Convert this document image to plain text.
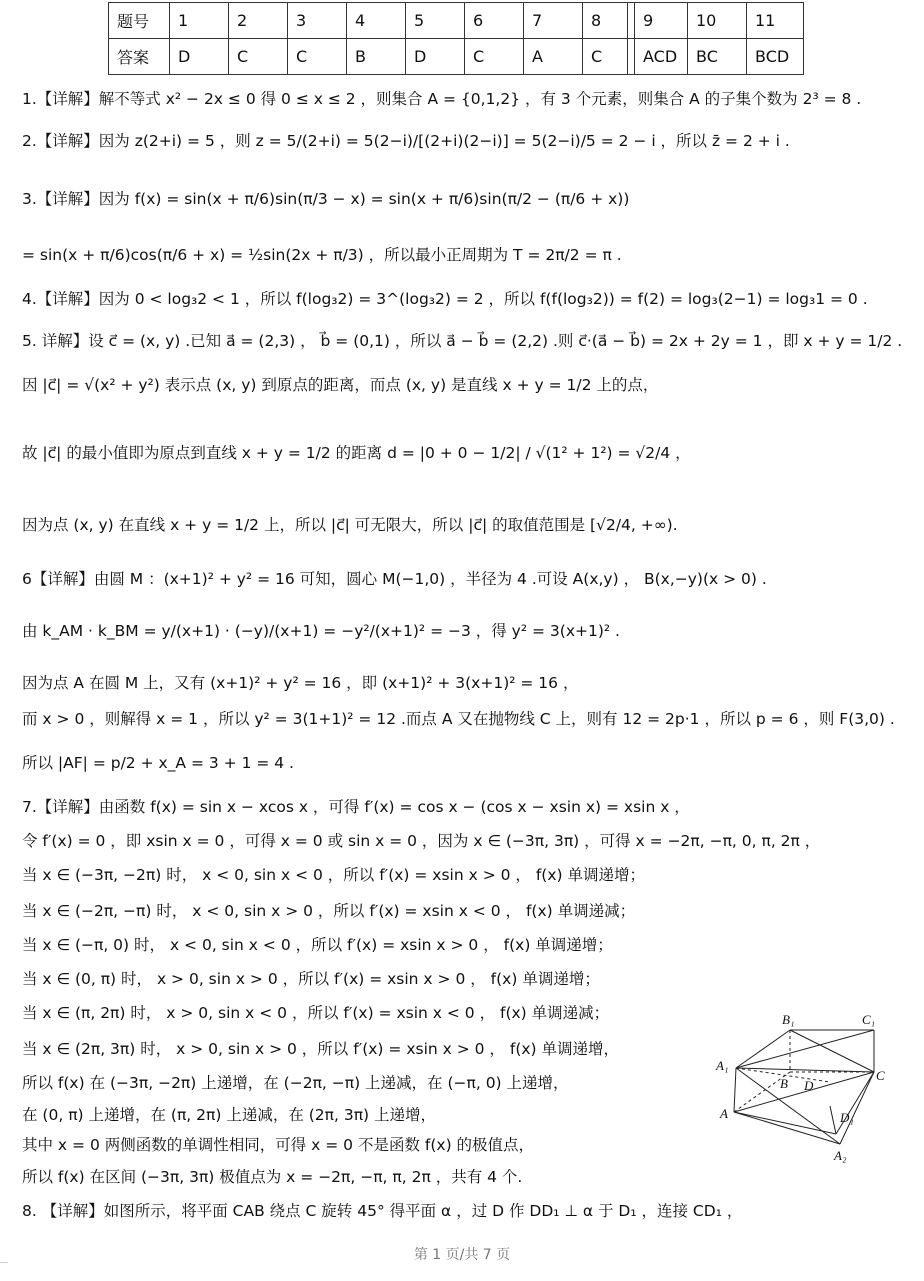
题号	1	2	3	4	5	6	7	8		9	10	11
答案	D	C	C	B	D	C	A	C		ACD	BC	BCD
1.【详解】解不等式 x² − 2x ≤ 0 得 0 ≤ x ≤ 2 ，则集合 A = {0,1,2} ，有 3 个元素，则集合 A 的子集个数为 2³ = 8 .
2.【详解】因为 z(2+i) = 5 ，则 z = 5/(2+i) = 5(2−i)/[(2+i)(2−i)] = 5(2−i)/5 = 2 − i ，所以 z̄ = 2 + i .
3.【详解】因为 f(x) = sin(x + π/6)sin(π/3 − x) = sin(x + π/6)sin(π/2 − (π/6 + x))
= sin(x + π/6)cos(π/6 + x) = ½sin(2x + π/3) ，所以最小正周期为 T = 2π/2 = π .
4.【详解】因为 0 < log₃2 < 1 ，所以 f(log₃2) = 3^(log₃2) = 2 ，所以 f(f(log₃2)) = f(2) = log₃(2−1) = log₃1 = 0 .
5. 详解】设 c⃗ = (x, y) .已知 a⃗ = (2,3) ， b⃗ = (0,1) ，所以 a⃗ − b⃗ = (2,2) .则 c⃗·(a⃗ − b⃗) = 2x + 2y = 1 ，即 x + y = 1/2 .
因 |c⃗| = √(x² + y²) 表示点 (x, y) 到原点的距离，而点 (x, y) 是直线 x + y = 1/2 上的点，
故 |c⃗| 的最小值即为原点到直线 x + y = 1/2 的距离 d = |0 + 0 − 1/2| / √(1² + 1²) = √2/4 ，
因为点 (x, y) 在直线 x + y = 1/2 上，所以 |c⃗| 可无限大，所以 |c⃗| 的取值范围是 [√2/4, +∞).
6【详解】由圆 M ：(x+1)² + y² = 16 可知，圆心 M(−1,0) ，半径为 4 .可设 A(x,y) ， B(x,−y)(x > 0) .
由 k_AM · k_BM = y/(x+1) · (−y)/(x+1) = −y²/(x+1)² = −3 ，得 y² = 3(x+1)² .
因为点 A 在圆 M 上，又有 (x+1)² + y² = 16 ，即 (x+1)² + 3(x+1)² = 16 ，
而 x > 0 ，则解得 x = 1 ，所以 y² = 3(1+1)² = 12 .而点 A 又在抛物线 C 上，则有 12 = 2p·1 ，所以 p = 6 ，则 F(3,0) .
所以 |AF| = p/2 + x_A = 3 + 1 = 4 .
7.【详解】由函数 f(x) = sin x − xcos x ，可得 f′(x) = cos x − (cos x − xsin x) = xsin x ，
令 f′(x) = 0 ，即 xsin x = 0 ，可得 x = 0 或 sin x = 0 ，因为 x ∈ (−3π, 3π) ，可得 x = −2π, −π, 0, π, 2π ，
当 x ∈ (−3π, −2π) 时， x < 0, sin x < 0 ，所以 f′(x) = xsin x > 0 ， f(x) 单调递增；
当 x ∈ (−2π, −π) 时， x < 0, sin x > 0 ，所以 f′(x) = xsin x < 0 ， f(x) 单调递减；
当 x ∈ (−π, 0) 时， x < 0, sin x < 0 ，所以 f′(x) = xsin x > 0 ， f(x) 单调递增；
当 x ∈ (0, π) 时， x > 0, sin x > 0 ，所以 f′(x) = xsin x > 0 ， f(x) 单调递增；
当 x ∈ (π, 2π) 时， x > 0, sin x < 0 ，所以 f′(x) = xsin x < 0 ， f(x) 单调递减；
当 x ∈ (2π, 3π) 时， x > 0, sin x > 0 ，所以 f′(x) = xsin x > 0 ， f(x) 单调递增，
所以 f(x) 在 (−3π, −2π) 上递增，在 (−2π, −π) 上递减，在 (−π, 0) 上递增，
在 (0, π) 上递增，在 (π, 2π) 上递减，在 (2π, 3π) 上递增，
其中 x = 0 两侧函数的单调性相同，可得 x = 0 不是函数 f(x) 的极值点，
所以 f(x) 在区间 (−3π, 3π) 极值点为 x = −2π, −π, π, 2π ，共有 4 个.
8. 【详解】如图所示，将平面 CAB 绕点 C 旋转 45° 得平面 α ，过 D 作 DD₁ ⊥ α 于 D₁ ，连接 CD₁ ，
B₁	C₁
A₁
B D
C
A	D₁
A₂
第 1 页/共 7 页
